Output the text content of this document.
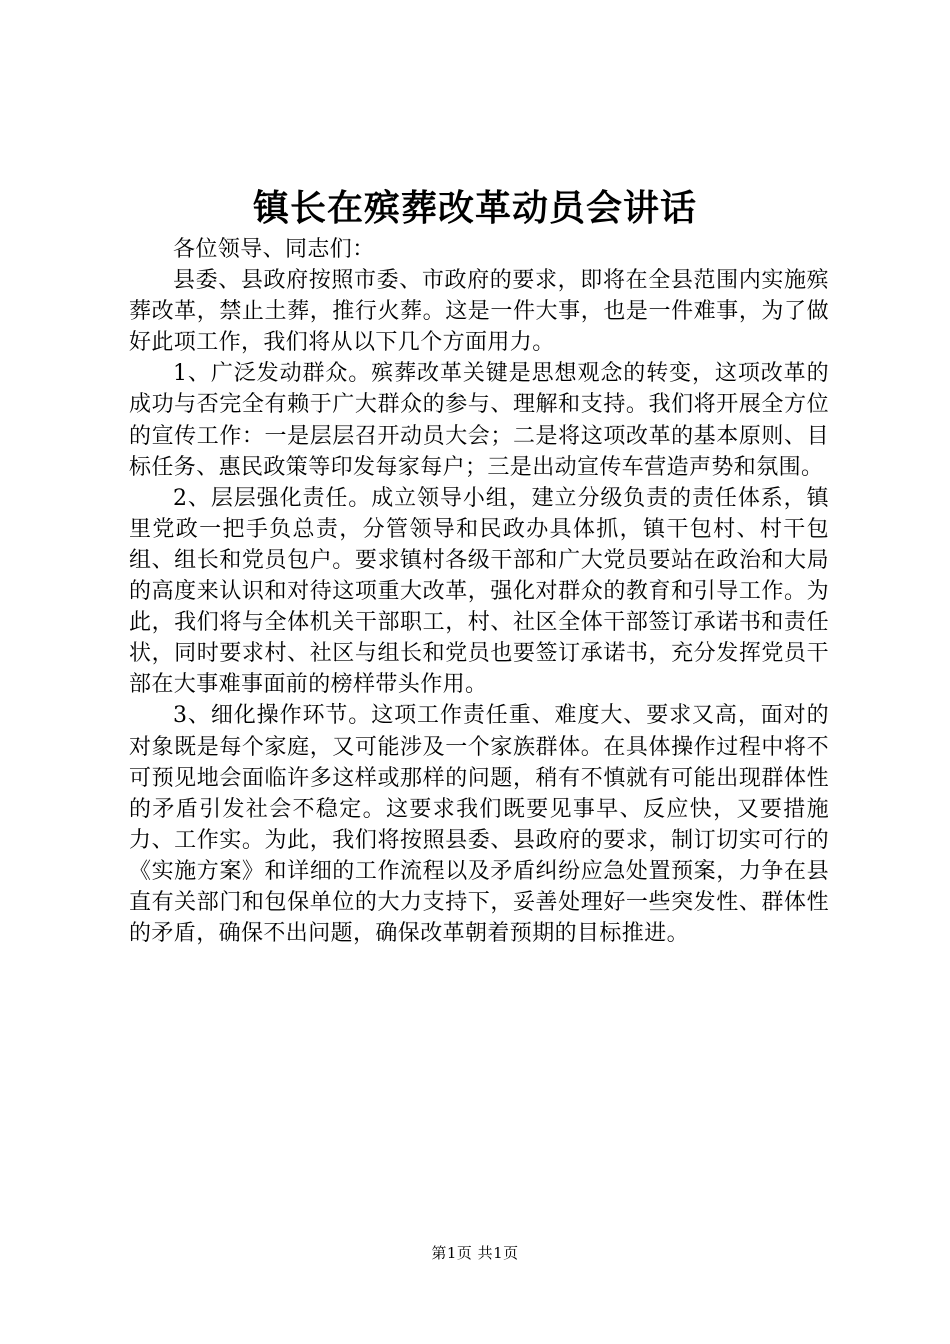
镇长在殡葬改革动员会讲话

各位领导、同志们：

县委、县政府按照市委、市政府的要求，即将在全县范围内实施殡葬改革，禁止土葬，推行火葬。这是一件大事，也是一件难事，为了做好此项工作，我们将从以下几个方面用力。

1、广泛发动群众。殡葬改革关键是思想观念的转变，这项改革的成功与否完全有赖于广大群众的参与、理解和支持。我们将开展全方位的宣传工作：一是层层召开动员大会；二是将这项改革的基本原则、目标任务、惠民政策等印发每家每户；三是出动宣传车营造声势和氛围。

2、层层强化责任。成立领导小组，建立分级负责的责任体系，镇里党政一把手负总责，分管领导和民政办具体抓，镇干包村、村干包组、组长和党员包户。要求镇村各级干部和广大党员要站在政治和大局的高度来认识和对待这项重大改革，强化对群众的教育和引导工作。为此，我们将与全体机关干部职工，村、社区全体干部签订承诺书和责任状，同时要求村、社区与组长和党员也要签订承诺书，充分发挥党员干部在大事难事面前的榜样带头作用。

3、细化操作环节。这项工作责任重、难度大、要求又高，面对的对象既是每个家庭，又可能涉及一个家族群体。在具体操作过程中将不可预见地会面临许多这样或那样的问题，稍有不慎就有可能出现群体性的矛盾引发社会不稳定。这要求我们既要见事早、反应快，又要措施力、工作实。为此，我们将按照县委、县政府的要求，制订切实可行的《实施方案》和详细的工作流程以及矛盾纠纷应急处置预案，力争在县直有关部门和包保单位的大力支持下，妥善处理好一些突发性、群体性的矛盾，确保不出问题，确保改革朝着预期的目标推进。

第1页 共1页
